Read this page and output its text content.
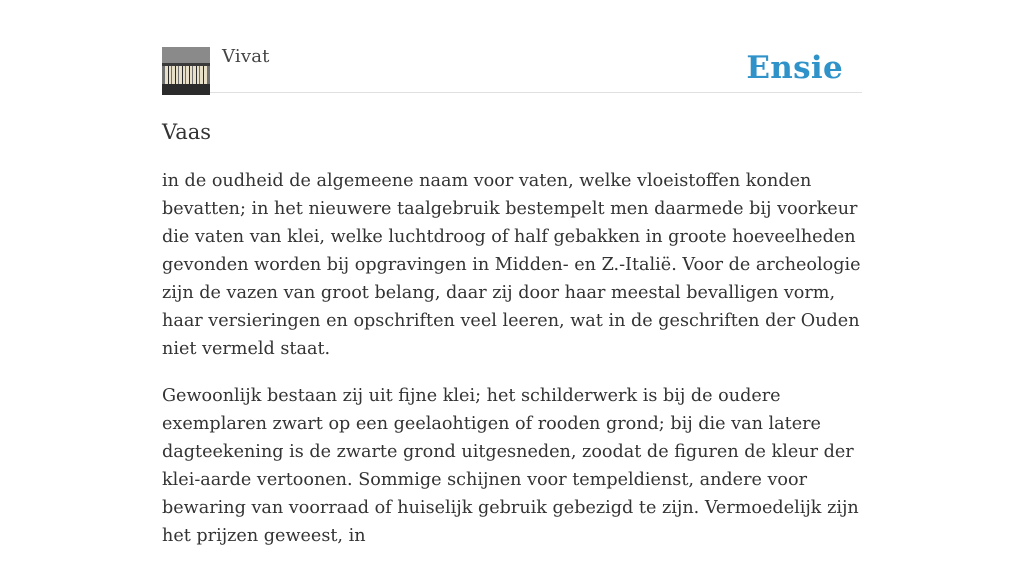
Vivat	Ensie
Vaas

in de oudheid de algemeene naam voor vaten, welke vloeistoffen konden bevatten; in het nieuwere taalgebruik bestempelt men daarmede bij voorkeur die vaten van klei, welke luchtdroog of half gebakken in groote hoeveelheden gevonden worden bij opgravingen in Midden- en Z.-Italië. Voor de archeologie zijn de vazen van groot belang, daar zij door haar meestal bevalligen vorm, haar versieringen en opschriften veel leeren, wat in de geschriften der Ouden niet vermeld staat.

Gewoonlijk bestaan zij uit fijne klei; het schilderwerk is bij de oudere exemplaren zwart op een geelaohtigen of rooden grond; bij die van latere dagteekening is de zwarte grond uitgesneden, zoodat de figuren de kleur der klei-aarde vertoonen. Sommige schijnen voor tempeldienst, andere voor bewaring van voorraad of huiselijk gebruik gebezigd te zijn. Vermoedelijk zijn het prijzen geweest, in
